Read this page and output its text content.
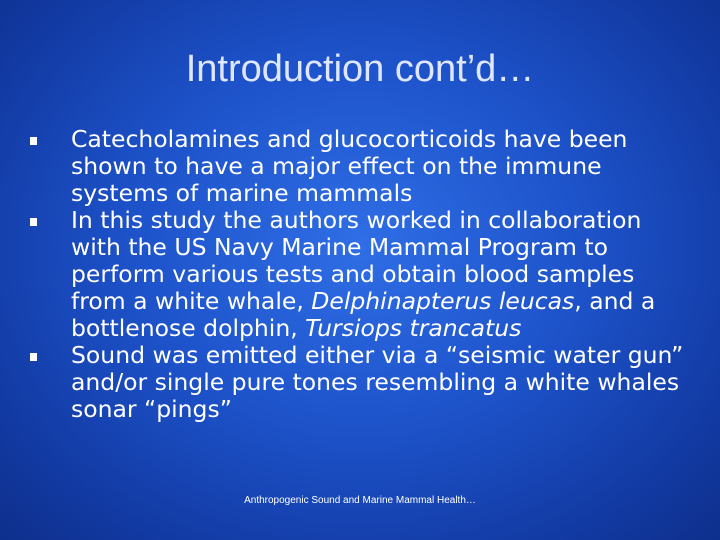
Introduction cont’d…
Catecholamines and glucocorticoids have been shown to have a major effect on the immune systems of marine mammals
In this study the authors worked in collaboration with the US Navy Marine Mammal Program to perform various tests and obtain blood samples from a white whale, Delphinapterus leucas, and a bottlenose dolphin, Tursiops trancatus
Sound was emitted either via a “seismic water gun” and/or single pure tones resembling a white whales sonar “pings”
Anthropogenic Sound and Marine Mammal Health…
